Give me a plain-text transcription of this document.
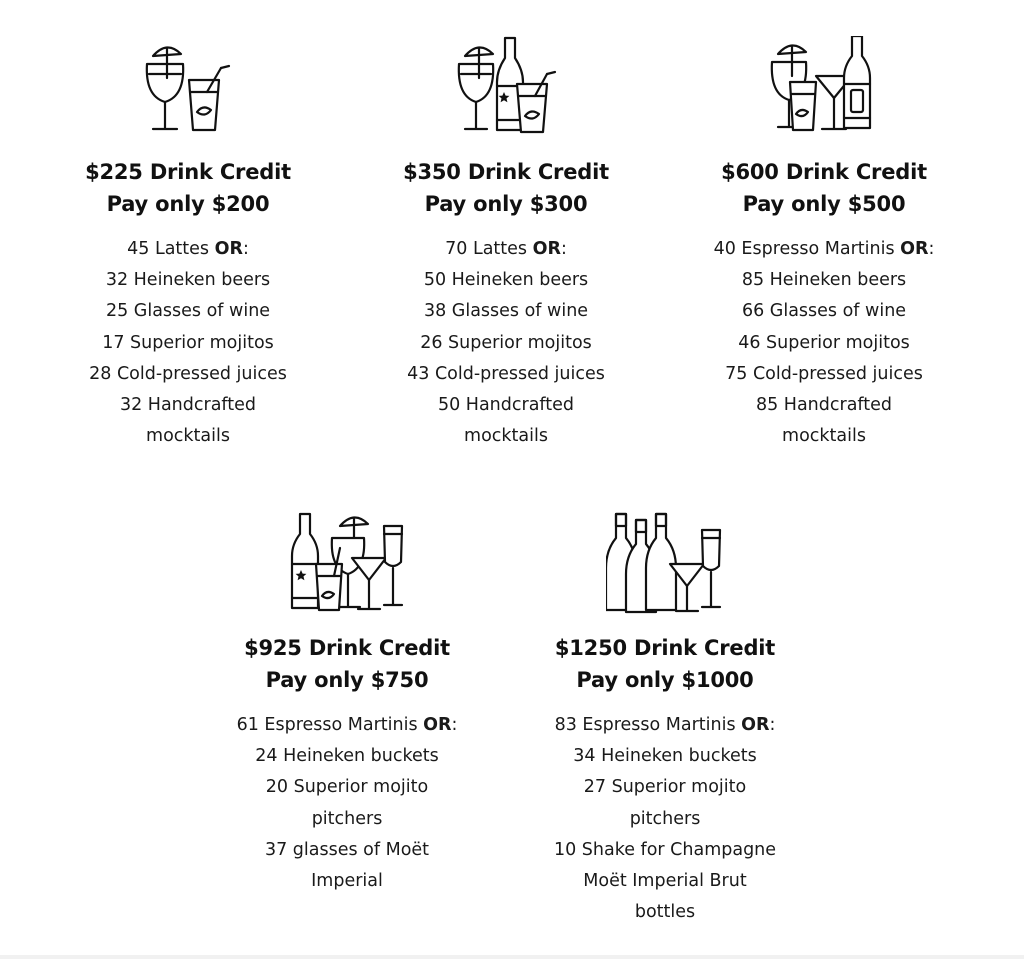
$225 Drink Credit
Pay only $200
45 Lattes OR:
32 Heineken beers
25 Glasses of wine
17 Superior mojitos
28 Cold-pressed juices
32 Handcrafted
mocktails
$350 Drink Credit
Pay only $300
70 Lattes OR:
50 Heineken beers
38 Glasses of wine
26 Superior mojitos
43 Cold-pressed juices
50 Handcrafted
mocktails
$600 Drink Credit
Pay only $500
40 Espresso Martinis OR:
85 Heineken beers
66 Glasses of wine
46 Superior mojitos
75 Cold-pressed juices
85 Handcrafted
mocktails
$925 Drink Credit
Pay only $750
61 Espresso Martinis OR:
24 Heineken buckets
20 Superior mojito
pitchers
37 glasses of Moët
Imperial
$1250 Drink Credit
Pay only $1000
83 Espresso Martinis OR:
34 Heineken buckets
27 Superior mojito
pitchers
10 Shake for Champagne
Moët Imperial Brut
bottles
